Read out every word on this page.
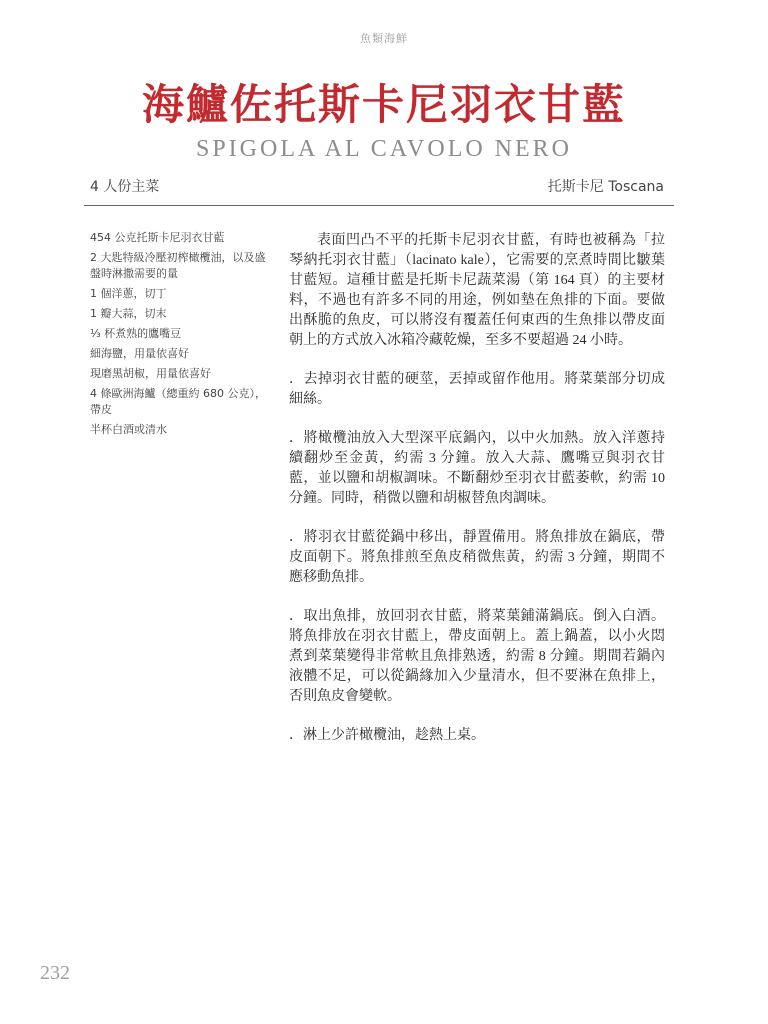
魚類海鮮
海鱸佐托斯卡尼羽衣甘藍
SPIGOLA AL CAVOLO NERO
4 人份主菜	托斯卡尼 Toscana
454 公克托斯卡尼羽衣甘藍
2 大匙特級冷壓初榨橄欖油，以及盛盤時淋撒需要的量
1 個洋蔥，切丁
1 瓣大蒜，切末
⅓ 杯煮熟的鷹嘴豆
細海鹽，用量依喜好
現磨黑胡椒，用量依喜好
4 條歐洲海鱸（總重約 680 公克），帶皮
半杯白酒或清水

表面凹凸不平的托斯卡尼羽衣甘藍，有時也被稱為「拉琴納托羽衣甘藍」（lacinato kale），它需要的烹煮時間比皺葉甘藍短。這種甘藍是托斯卡尼蔬菜湯（第 164 頁）的主要材料，不過也有許多不同的用途，例如墊在魚排的下面。要做出酥脆的魚皮，可以將沒有覆蓋任何東西的生魚排以帶皮面朝上的方式放入冰箱冷藏乾燥，至多不要超過 24 小時。

．去掉羽衣甘藍的硬莖，丟掉或留作他用。將菜葉部分切成細絲。

．將橄欖油放入大型深平底鍋內，以中火加熱。放入洋蔥持續翻炒至金黃，約需 3 分鐘。放入大蒜、鷹嘴豆與羽衣甘藍，並以鹽和胡椒調味。不斷翻炒至羽衣甘藍萎軟，約需 10 分鐘。同時，稍微以鹽和胡椒替魚肉調味。

．將羽衣甘藍從鍋中移出，靜置備用。將魚排放在鍋底，帶皮面朝下。將魚排煎至魚皮稍微焦黃，約需 3 分鐘，期間不應移動魚排。

．取出魚排，放回羽衣甘藍，將菜葉鋪滿鍋底。倒入白酒。將魚排放在羽衣甘藍上，帶皮面朝上。蓋上鍋蓋，以小火悶煮到菜葉變得非常軟且魚排熟透，約需 8 分鐘。期間若鍋內液體不足，可以從鍋緣加入少量清水，但不要淋在魚排上，否則魚皮會變軟。

．淋上少許橄欖油，趁熱上桌。

232
